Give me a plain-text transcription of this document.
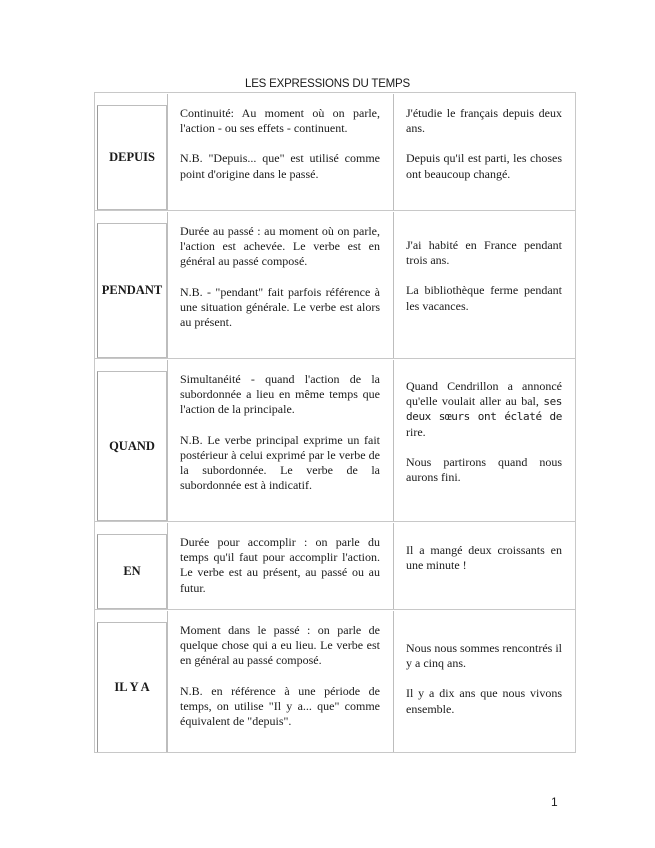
LES EXPRESSIONS DU TEMPS
DEPUIS

Continuité: Au moment où on parle, l'action - ou ses effets - continuent.

N.B. "Depuis... que" est utilisé comme point d'origine dans le passé.

J'étudie le français depuis deux ans.

Depuis qu'il est parti, les choses ont beaucoup changé.

PENDANT

Durée au passé : au moment où on parle, l'action est achevée. Le verbe est en général au passé composé.

N.B. - "pendant" fait parfois référence à une situation générale. Le verbe est alors au présent.

J'ai habité en France pendant trois ans.

La bibliothèque ferme pendant les vacances.

QUAND

Simultanéité - quand l'action de la subordonnée a lieu en même temps que l'action de la principale.

N.B. Le verbe principal exprime un fait postérieur à celui exprimé par le verbe de la subordonnée. Le verbe de la subordonnée est à indicatif.

Quand Cendrillon a annoncé qu'elle voulait aller au bal, ses deux sœurs ont éclaté de rire.

Nous partirons quand nous aurons fini.

EN

Durée pour accomplir : on parle du temps qu'il faut pour accomplir l'action. Le verbe est au présent, au passé ou au futur.

Il a mangé deux croissants en une minute !

IL Y A

Moment dans le passé : on parle de quelque chose qui a eu lieu. Le verbe est en général au passé composé.

N.B. en référence à une période de temps, on utilise "Il y a... que" comme équivalent de "depuis".

Nous nous sommes rencontrés il y a cinq ans.

Il y a dix ans que nous vivons ensemble.

1
